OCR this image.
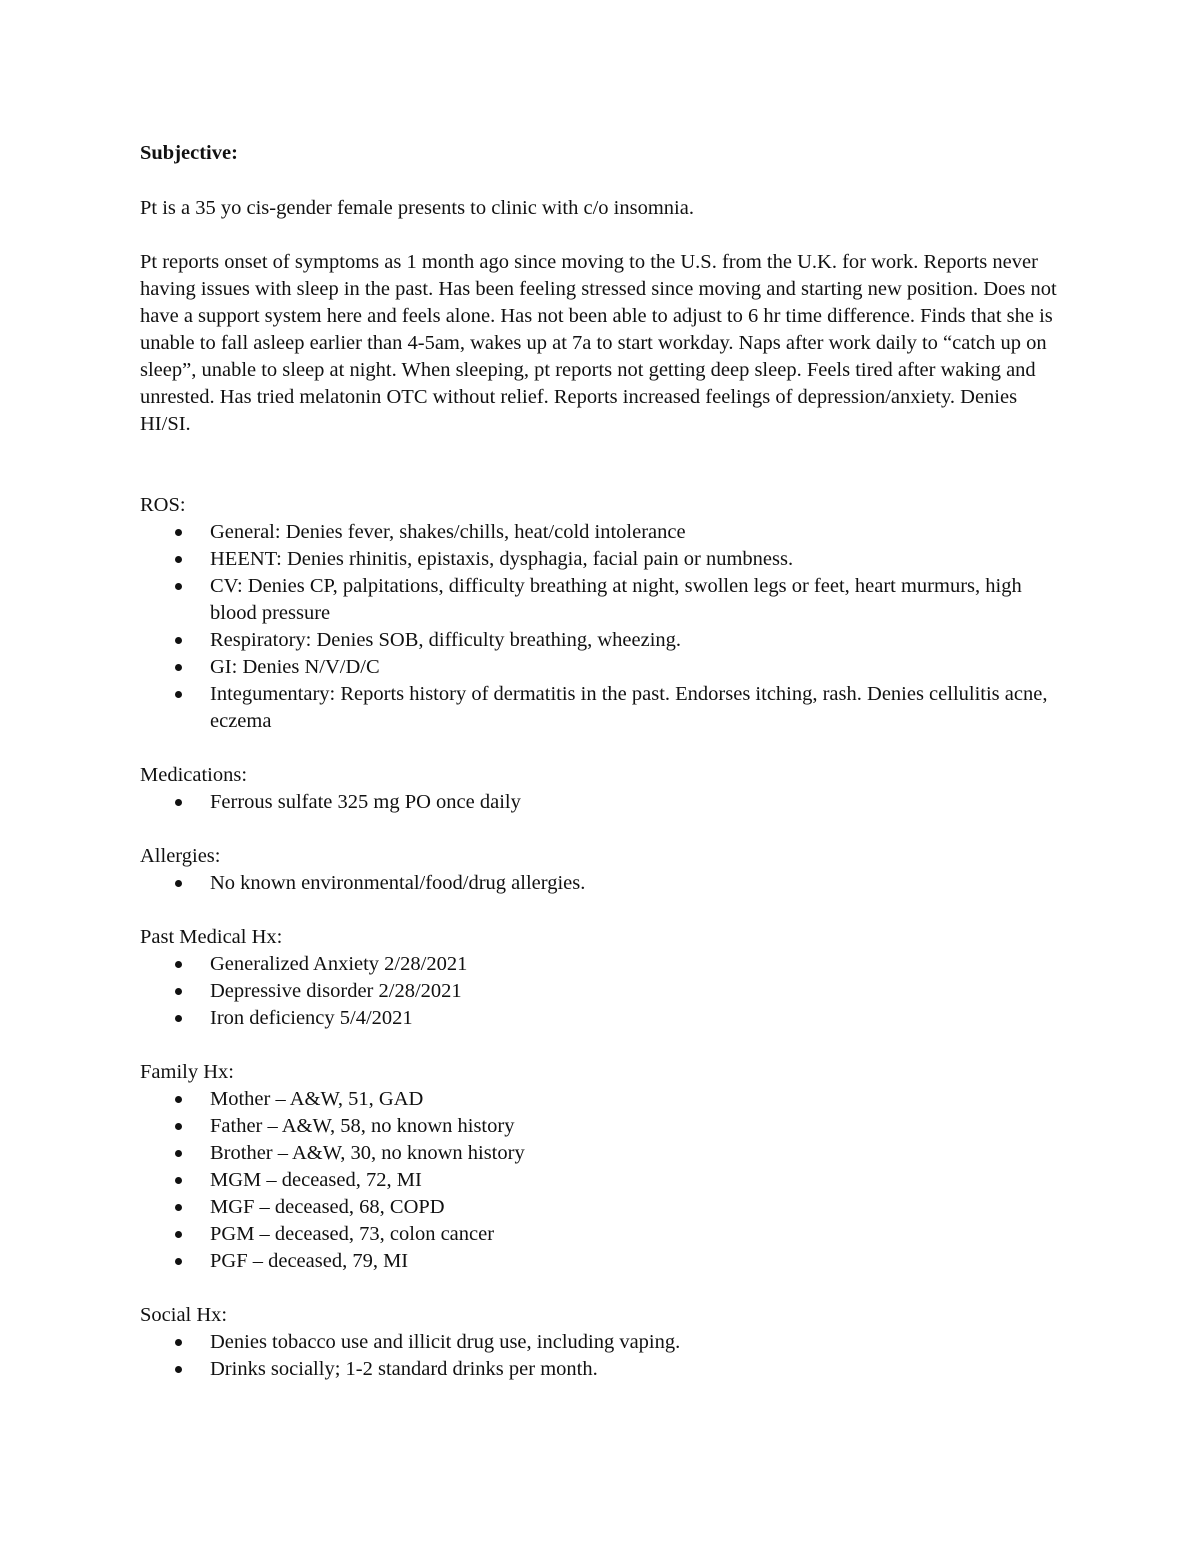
Subjective:

Pt is a 35 yo cis-gender female presents to clinic with c/o insomnia.

Pt reports onset of symptoms as 1 month ago since moving to the U.S. from the U.K. for work. Reports never having issues with sleep in the past. Has been feeling stressed since moving and starting new position. Does not have a support system here and feels alone. Has not been able to adjust to 6 hr time difference. Finds that she is unable to fall asleep earlier than 4-5am, wakes up at 7a to start workday. Naps after work daily to “catch up on sleep”, unable to sleep at night. When sleeping, pt reports not getting deep sleep. Feels tired after waking and unrested. Has tried melatonin OTC without relief. Reports increased feelings of depression/anxiety. Denies HI/SI.

ROS:
General: Denies fever, shakes/chills, heat/cold intolerance
HEENT: Denies rhinitis, epistaxis, dysphagia, facial pain or numbness.
CV: Denies CP, palpitations, difficulty breathing at night, swollen legs or feet, heart murmurs, high blood pressure
Respiratory: Denies SOB, difficulty breathing, wheezing.
GI: Denies N/V/D/C
Integumentary: Reports history of dermatitis in the past. Endorses itching, rash. Denies cellulitis acne, eczema
Medications:
Ferrous sulfate 325 mg PO once daily
Allergies:
No known environmental/food/drug allergies.
Past Medical Hx:
Generalized Anxiety 2/28/2021
Depressive disorder 2/28/2021
Iron deficiency 5/4/2021
Family Hx:
Mother – A&W, 51, GAD
Father – A&W, 58, no known history
Brother – A&W, 30, no known history
MGM – deceased, 72, MI
MGF – deceased, 68, COPD
PGM – deceased, 73, colon cancer
PGF – deceased, 79, MI
Social Hx:
Denies tobacco use and illicit drug use, including vaping.
Drinks socially; 1-2 standard drinks per month.
